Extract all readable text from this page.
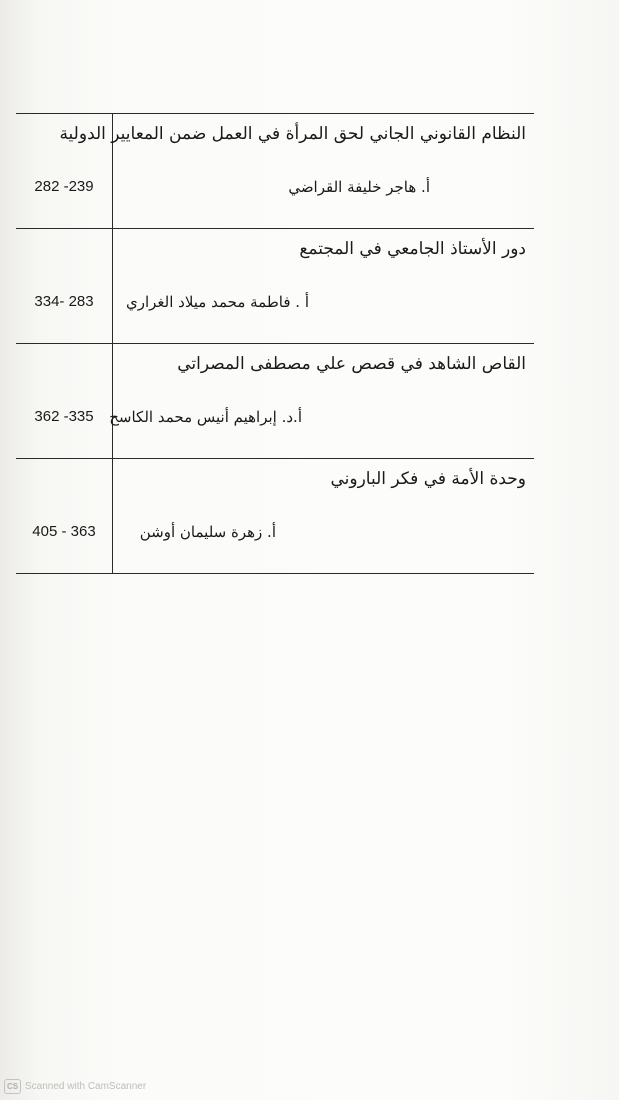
النظام القانوني الجاني لحق المرأة في العمل ضمن المعايير الدولية
أ. هاجر خليفة القراضي
282 -239
دور الأستاذ الجامعي في المجتمع
أ . فاطمة محمد ميلاد الغراري
334- 283
القاص الشاهد في قصص علي مصطفى المصراتي
أ.د. إبراهيم أنيس محمد الكاسح
362 -335
وحدة الأمة في فكر الباروني
أ. زهرة سليمان أوشن
405 - 363
CS Scanned with CamScanner
